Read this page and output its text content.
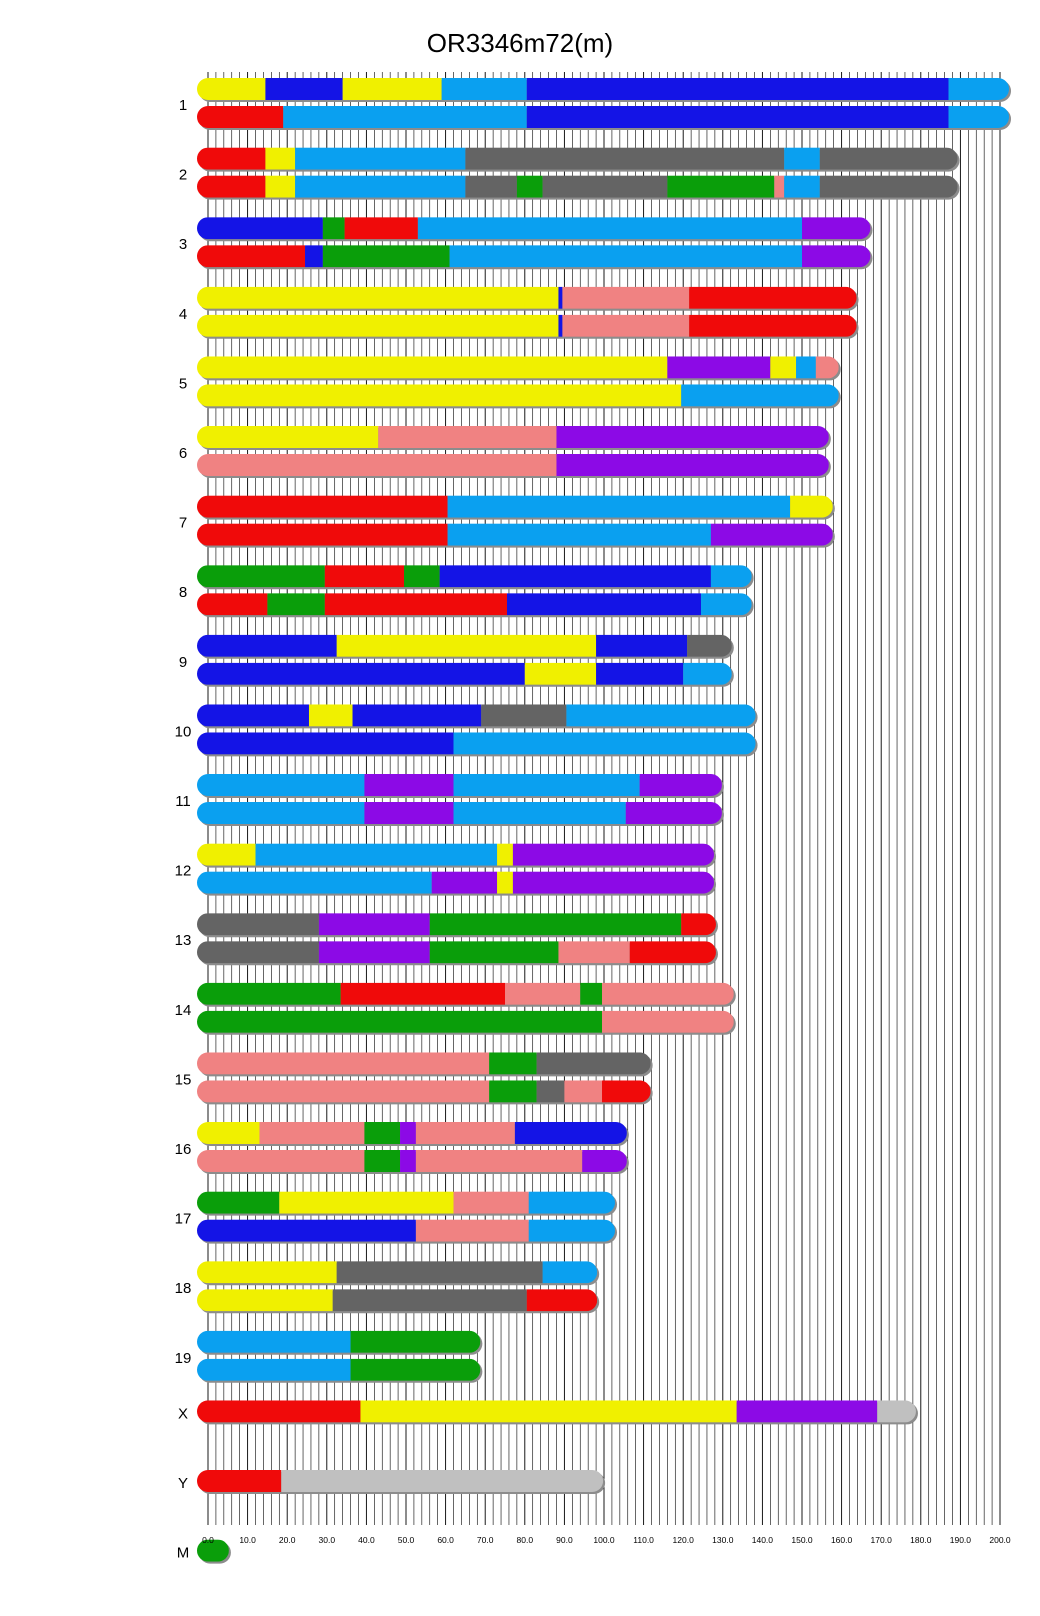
OR3346m72(m)
1
2
3
4
5
6
7
8
9
10
11
12
13
14
15
16
17
18
19
X
Y
M
0.0	10.0	20.0	30.0	40.0	50.0	60.0	70.0	80.0	90.0 100.0 110.0 120.0 130.0 140.0 150.0 160.0 170.0 180.0 190.0 200.0
